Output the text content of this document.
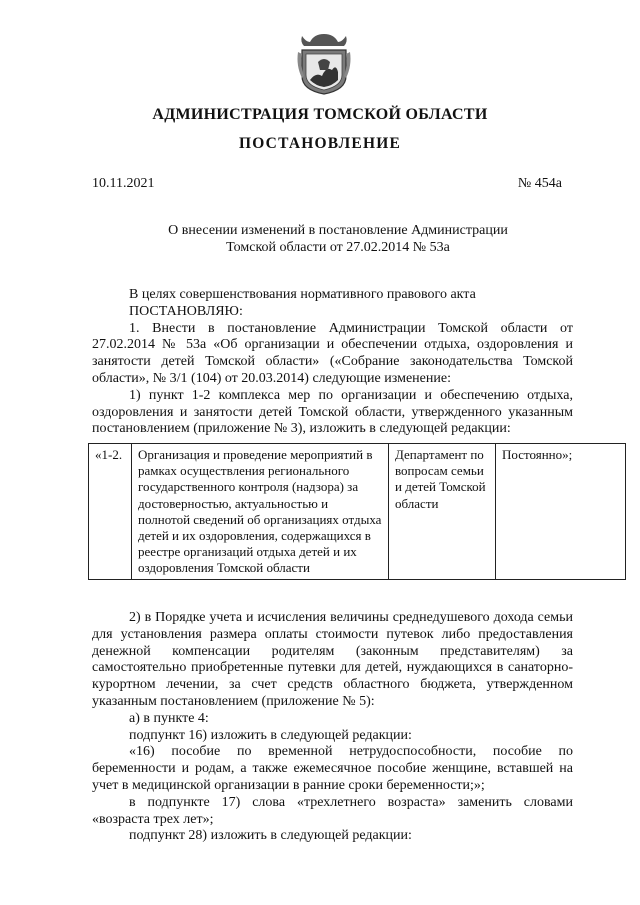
АДМИНИСТРАЦИЯ ТОМСКОЙ ОБЛАСТИ
ПОСТАНОВЛЕНИЕ
10.11.2021	№ 454а
О внесении изменений в постановление Администрации
Томской области от 27.02.2014 № 53а

В целях совершенствования нормативного правового акта

ПОСТАНОВЛЯЮ:

1. Внести в постановление Администрации Томской области от 27.02.2014 № 53а «Об организации и обеспечении отдыха, оздоровления и занятости детей Томской области» («Собрание законодательства Томской области», № 3/1 (104) от 20.03.2014) следующие изменение:

1) пункт 1-2 комплекса мер по организации и обеспечению отдыха, оздоровления и занятости детей Томской области, утвержденного указанным постановлением (приложение № 3), изложить в следующей редакции:

«1-2.	Организация и проведение мероприятий в рамках осуществления регионального государственного контроля (надзора) за достоверностью, актуальностью и полнотой сведений об организациях отдыха детей и их оздоровления, содержащихся в реестре организаций отдыха детей и их оздоровления Томской области	Департамент по вопросам семьи и детей Томской области	Постоянно»;

2) в Порядке учета и исчисления величины среднедушевого дохода семьи для установления размера оплаты стоимости путевок либо предоставления денежной компенсации родителям (законным представителям) за самостоятельно приобретенные путевки для детей, нуждающихся в санаторно-курортном лечении, за счет средств областного бюджета, утвержденном указанным постановлением (приложение № 5):

а) в пункте 4:

подпункт 16) изложить в следующей редакции:

«16) пособие по временной нетрудоспособности, пособие по беременности и родам, а также ежемесячное пособие женщине, вставшей на учет в медицинской организации в ранние сроки беременности;»;

в подпункте 17) слова «трехлетнего возраста» заменить словами «возраста трех лет»;

подпункт 28) изложить в следующей редакции:
